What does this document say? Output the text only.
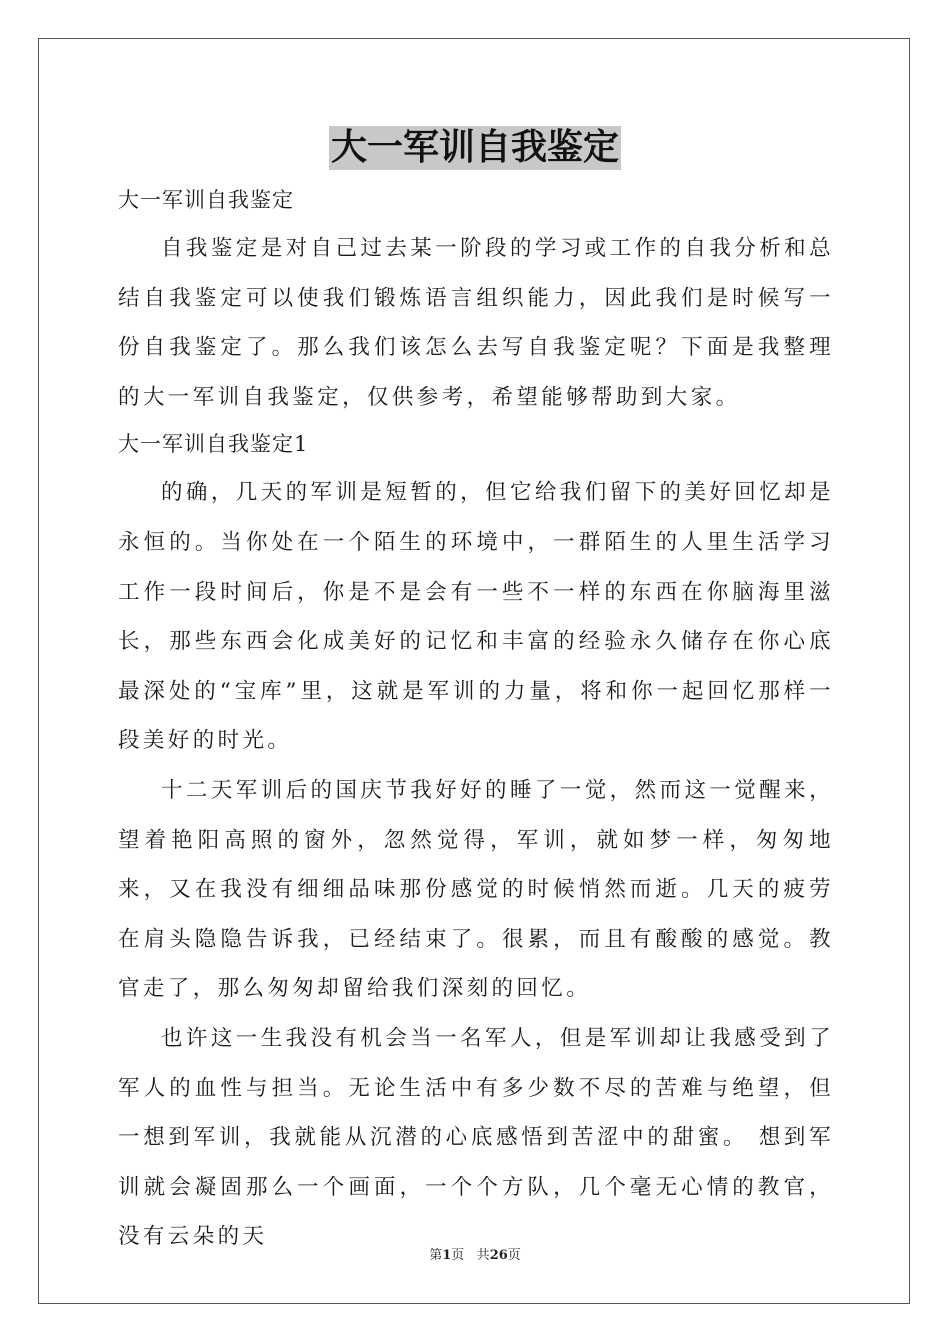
大一军训自我鉴定
大一军训自我鉴定

自我鉴定是对自己过去某一阶段的学习或工作的自我分析和总结自我鉴定可以使我们锻炼语言组织能力，因此我们是时候写一份自我鉴定了。那么我们该怎么去写自我鉴定呢？下面是我整理的大一军训自我鉴定，仅供参考，希望能够帮助到大家。

大一军训自我鉴定1

的确，几天的军训是短暂的，但它给我们留下的美好回忆却是永恒的。当你处在一个陌生的环境中，一群陌生的人里生活学习工作一段时间后，你是不是会有一些不一样的东西在你脑海里滋长，那些东西会化成美好的记忆和丰富的经验永久储存在你心底最深处的“宝库”里，这就是军训的力量，将和你一起回忆那样一段美好的时光。

十二天军训后的国庆节我好好的睡了一觉，然而这一觉醒来，望着艳阳高照的窗外，忽然觉得，军训，就如梦一样，匆匆地来，又在我没有细细品味那份感觉的时候悄然而逝。几天的疲劳在肩头隐隐告诉我，已经结束了。很累，而且有酸酸的感觉。教官走了，那么匆匆却留给我们深刻的回忆。

也许这一生我没有机会当一名军人，但是军训却让我感受到了军人的血性与担当。无论生活中有多少数不尽的苦难与绝望，但一想到军训，我就能从沉潜的心底感悟到苦涩中的甜蜜。 想到军训就会凝固那么一个画面，一个个方队，几个毫无心情的教官，没有云朵的天

第1页 共26页
